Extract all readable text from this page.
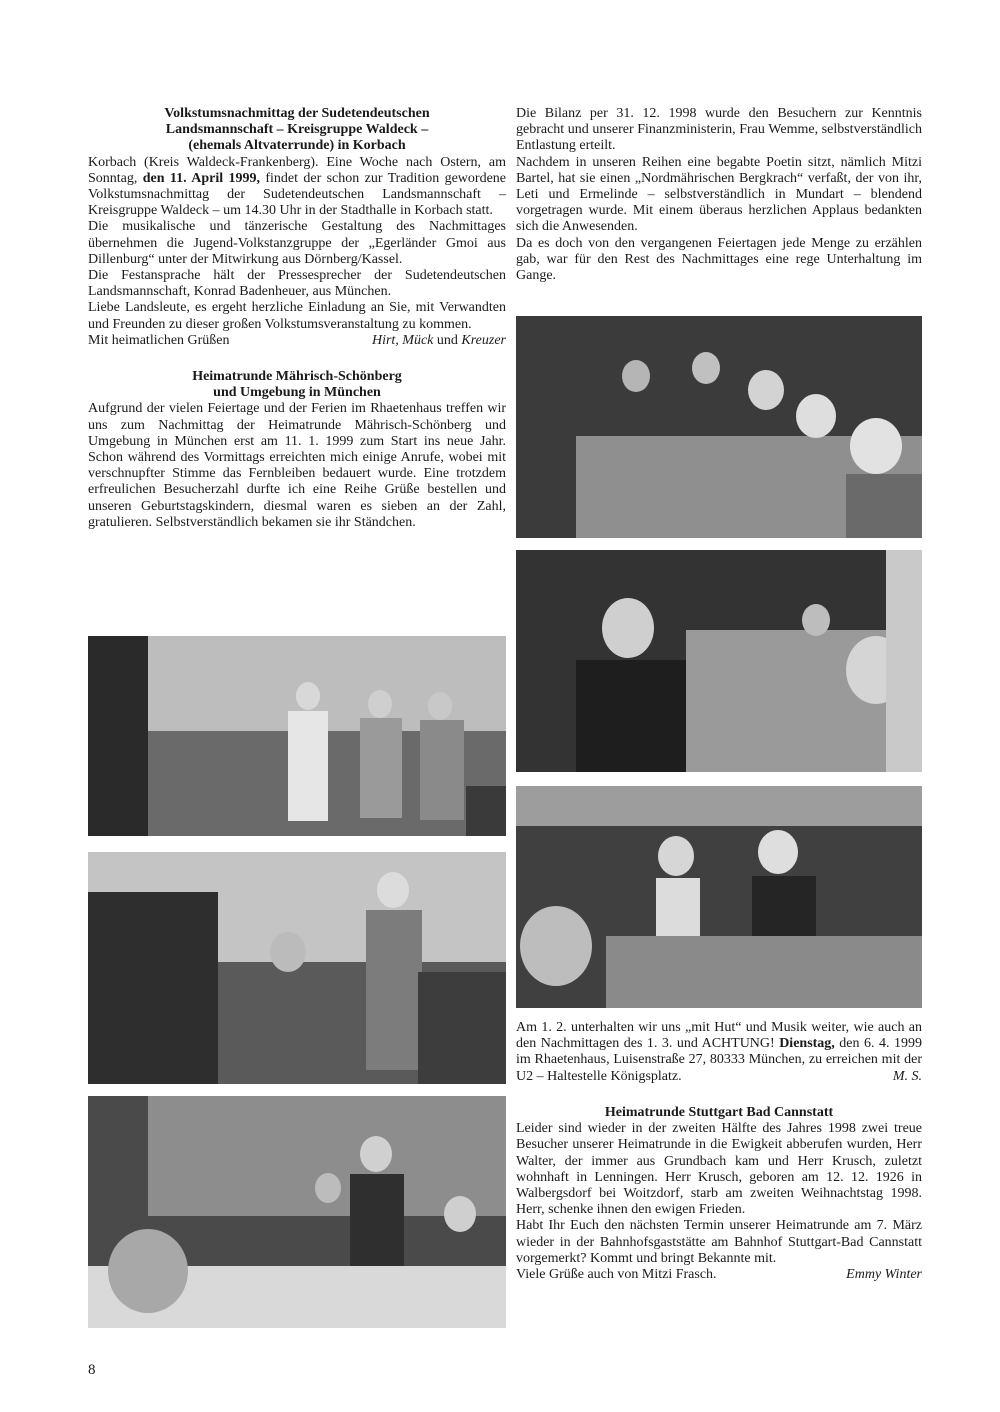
Volkstumsnachmittag der Sudetendeutschen
Landsmannschaft – Kreisgruppe Waldeck –
(ehemals Altvaterrunde) in Korbach

Korbach (Kreis Waldeck-Frankenberg). Eine Woche nach Ostern, am Sonntag, den 11. April 1999, findet der schon zur Tradition gewordene Volkstumsnachmittag der Sudetendeutschen Landsmannschaft – Kreisgruppe Waldeck – um 14.30 Uhr in der Stadthalle in Korbach statt.

Die musikalische und tänzerische Gestaltung des Nachmittages übernehmen die Jugend-Volkstanzgruppe der „Egerländer Gmoi aus Dillenburg“ unter der Mitwirkung aus Dörnberg/Kassel.

Die Festansprache hält der Pressesprecher der Sudetendeutschen Landsmannschaft, Konrad Badenheuer, aus München.

Liebe Landsleute, es ergeht herzliche Einladung an Sie, mit Verwandten und Freunden zu dieser großen Volkstumsveranstaltung zu kommen.

Mit heimatlichen Grüßen	Hirt, Mück und Kreuzer
Heimatrunde Mährisch-Schönberg
und Umgebung in München

Aufgrund der vielen Feiertage und der Ferien im Rhaetenhaus treffen wir uns zum Nachmittag der Heimatrunde Mährisch-Schönberg und Umgebung in München erst am 11. 1. 1999 zum Start ins neue Jahr. Schon während des Vormittags erreichten mich einige Anrufe, wobei mit verschnupfter Stimme das Fernbleiben bedauert wurde. Eine trotzdem erfreulichen Besucherzahl durfte ich eine Reihe Grüße bestellen und unseren Geburtstagskindern, diesmal waren es sieben an der Zahl, gratulieren. Selbstverständlich bekamen sie ihr Ständchen.

Die Bilanz per 31. 12. 1998 wurde den Besuchern zur Kenntnis gebracht und unserer Finanzministerin, Frau Wemme, selbstverständlich Entlastung erteilt.

Nachdem in unseren Reihen eine begabte Poetin sitzt, nämlich Mitzi Bartel, hat sie einen „Nordmährischen Bergkrach“ verfaßt, der von ihr, Leti und Ermelinde – selbstverständlich in Mundart – blendend vorgetragen wurde. Mit einem überaus herzlichen Applaus bedankten sich die Anwesenden.

Da es doch von den vergangenen Feiertagen jede Menge zu erzählen gab, war für den Rest des Nachmittages eine rege Unterhaltung im Gange.

Am 1. 2. unterhalten wir uns „mit Hut“ und Musik weiter, wie auch an den Nachmittagen des 1. 3. und ACHTUNG! Dienstag, den 6. 4. 1999 im Rhaetenhaus, Luisenstraße 27, 80333 München, zu erreichen mit der U2 – Haltestelle Königsplatz.	M. S.
Heimatrunde Stuttgart Bad Cannstatt

Leider sind wieder in der zweiten Hälfte des Jahres 1998 zwei treue Besucher unserer Heimatrunde in die Ewigkeit abberufen wurden, Herr Walter, der immer aus Grundbach kam und Herr Krusch, zuletzt wohnhaft in Lenningen. Herr Krusch, geboren am 12. 12. 1926 in Walbergsdorf bei Woitzdorf, starb am zweiten Weihnachtstag 1998. Herr, schenke ihnen den ewigen Frieden.

Habt Ihr Euch den nächsten Termin unserer Heimatrunde am 7. März wieder in der Bahnhofsgaststätte am Bahnhof Stuttgart-Bad Cannstatt vorgemerkt? Kommt und bringt Bekannte mit.

Viele Grüße auch von Mitzi Frasch.	Emmy Winter
8
